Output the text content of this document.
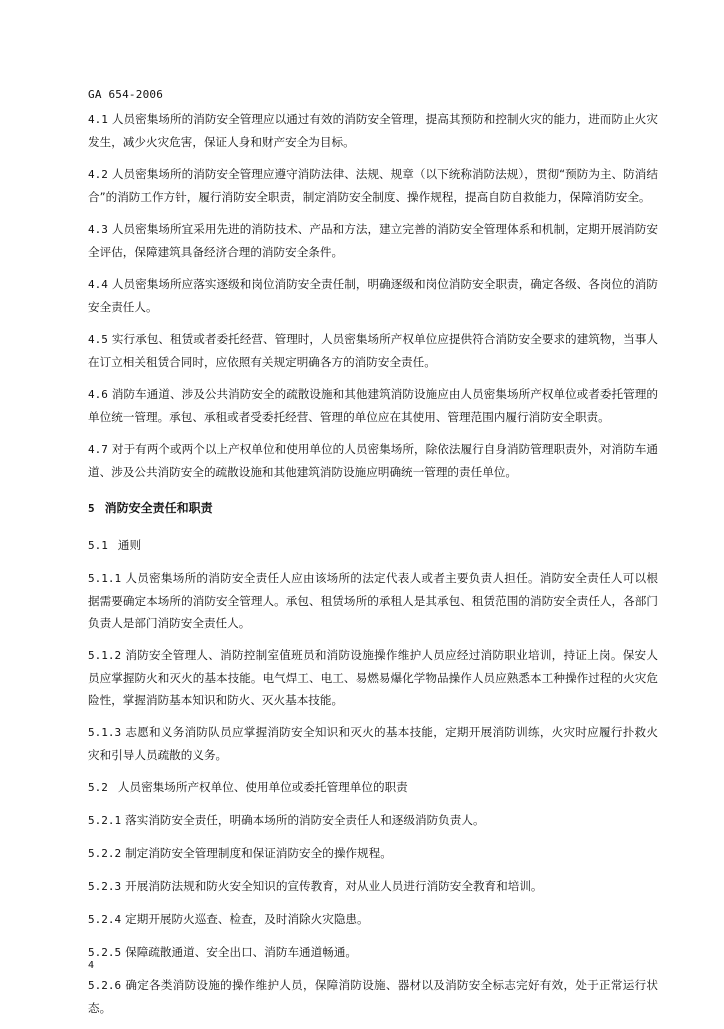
GA 654-2006

4.1 人员密集场所的消防安全管理应以通过有效的消防安全管理，提高其预防和控制火灾的能力，进而防止火灾发生，减少火灾危害，保证人身和财产安全为目标。

4.2 人员密集场所的消防安全管理应遵守消防法律、法规、规章（以下统称消防法规），贯彻“预防为主、防消结合”的消防工作方针，履行消防安全职责，制定消防安全制度、操作规程，提高自防自救能力，保障消防安全。

4.3 人员密集场所宜采用先进的消防技术、产品和方法，建立完善的消防安全管理体系和机制，定期开展消防安全评估，保障建筑具备经济合理的消防安全条件。

4.4 人员密集场所应落实逐级和岗位消防安全责任制，明确逐级和岗位消防安全职责，确定各级、各岗位的消防安全责任人。

4.5 实行承包、租赁或者委托经营、管理时，人员密集场所产权单位应提供符合消防安全要求的建筑物，当事人在订立相关租赁合同时，应依照有关规定明确各方的消防安全责任。

4.6 消防车通道、涉及公共消防安全的疏散设施和其他建筑消防设施应由人员密集场所产权单位或者委托管理的单位统一管理。承包、承租或者受委托经营、管理的单位应在其使用、管理范围内履行消防安全职责。

4.7 对于有两个或两个以上产权单位和使用单位的人员密集场所，除依法履行自身消防管理职责外，对消防车通道、涉及公共消防安全的疏散设施和其他建筑消防设施应明确统一管理的责任单位。

5 消防安全责任和职责
5.1 通则

5.1.1 人员密集场所的消防安全责任人应由该场所的法定代表人或者主要负责人担任。消防安全责任人可以根据需要确定本场所的消防安全管理人。承包、租赁场所的承租人是其承包、租赁范围的消防安全责任人，各部门负责人是部门消防安全责任人。

5.1.2 消防安全管理人、消防控制室值班员和消防设施操作维护人员应经过消防职业培训，持证上岗。保安人员应掌握防火和灭火的基本技能。电气焊工、电工、易燃易爆化学物品操作人员应熟悉本工种操作过程的火灾危险性，掌握消防基本知识和防火、灭火基本技能。

5.1.3 志愿和义务消防队员应掌握消防安全知识和灭火的基本技能，定期开展消防训练，火灾时应履行扑救火灾和引导人员疏散的义务。

5.2 人员密集场所产权单位、使用单位或委托管理单位的职责

5.2.1 落实消防安全责任，明确本场所的消防安全责任人和逐级消防负责人。

5.2.2 制定消防安全管理制度和保证消防安全的操作规程。

5.2.3 开展消防法规和防火安全知识的宣传教育，对从业人员进行消防安全教育和培训。

5.2.4 定期开展防火巡查、检查，及时消除火灾隐患。

5.2.5 保障疏散通道、安全出口、消防车通道畅通。

5.2.6 确定各类消防设施的操作维护人员，保障消防设施、器材以及消防安全标志完好有效，处于正常运行状态。

4
